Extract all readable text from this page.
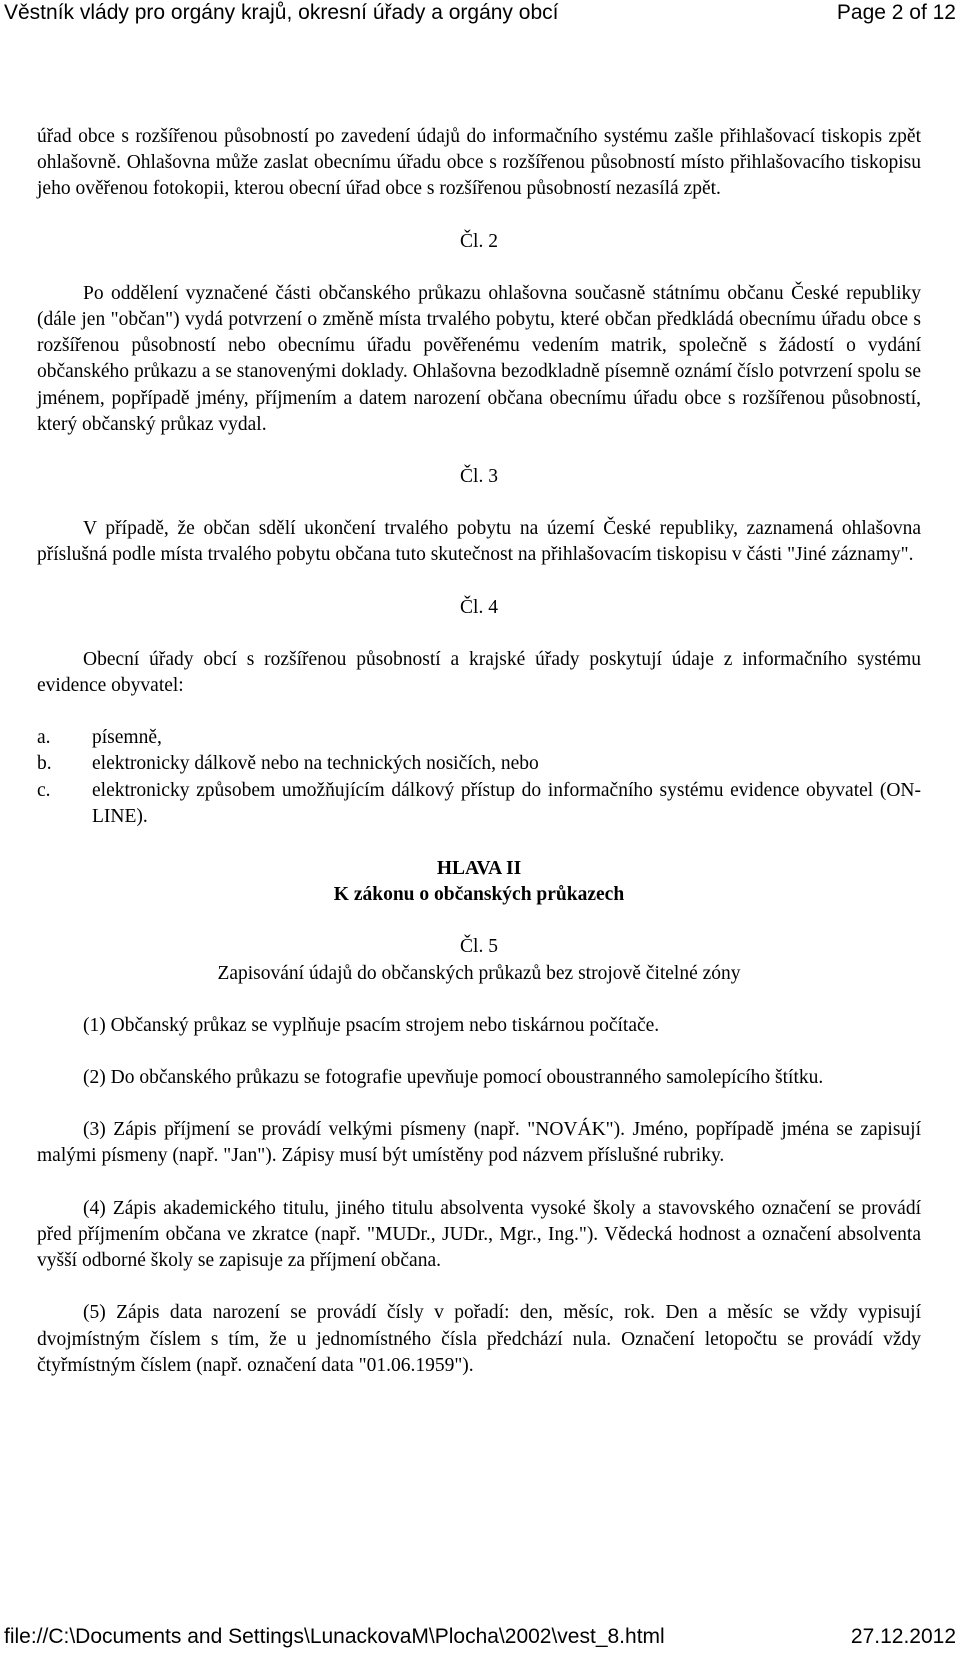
Věstník vlády pro orgány krajů, okresní úřady a orgány obcí	Page 2 of 12

úřad obce s rozšířenou působností po zavedení údajů do informačního systému zašle přihlašovací tiskopis zpět ohlašovně. Ohlašovna může zaslat obecnímu úřadu obce s rozšířenou působností místo přihlašovacího tiskopisu jeho ověřenou fotokopii, kterou obecní úřad obce s rozšířenou působností nezasílá zpět.

Čl. 2

Po oddělení vyznačené části občanského průkazu ohlašovna současně státnímu občanu České republiky (dále jen "občan") vydá potvrzení o změně místa trvalého pobytu, které občan předkládá obecnímu úřadu obce s rozšířenou působností nebo obecnímu úřadu pověřenému vedením matrik, společně s žádostí o vydání občanského průkazu a se stanovenými doklady. Ohlašovna bezodkladně písemně oznámí číslo potvrzení spolu se jménem, popřípadě jmény, příjmením a datem narození občana obecnímu úřadu obce s rozšířenou působností, který občanský průkaz vydal.

Čl. 3

V případě, že občan sdělí ukončení trvalého pobytu na území České republiky, zaznamená ohlašovna příslušná podle místa trvalého pobytu občana tuto skutečnost na přihlašovacím tiskopisu v části "Jiné záznamy".

Čl. 4

Obecní úřady obcí s rozšířenou působností a krajské úřady poskytují údaje z informačního systému evidence obyvatel:

a. písemně,
b. elektronicky dálkově nebo na technických nosičích, nebo
c. elektronicky způsobem umožňujícím dálkový přístup do informačního systému evidence obyvatel (ON-LINE).

HLAVA II

K zákonu o občanských průkazech

Čl. 5

Zapisování údajů do občanských průkazů bez strojově čitelné zóny

(1) Občanský průkaz se vyplňuje psacím strojem nebo tiskárnou počítače.

(2) Do občanského průkazu se fotografie upevňuje pomocí oboustranného samolepícího štítku.

(3) Zápis příjmení se provádí velkými písmeny (např. "NOVÁK"). Jméno, popřípadě jména se zapisují malými písmeny (např. "Jan"). Zápisy musí být umístěny pod názvem příslušné rubriky.

(4) Zápis akademického titulu, jiného titulu absolventa vysoké školy a stavovského označení se provádí před příjmením občana ve zkratce (např. "MUDr., JUDr., Mgr., Ing."). Vědecká hodnost a označení absolventa vyšší odborné školy se zapisuje za příjmení občana.

(5) Zápis data narození se provádí čísly v pořadí: den, měsíc, rok. Den a měsíc se vždy vypisují dvojmístným číslem s tím, že u jednomístného čísla předchází nula. Označení letopočtu se provádí vždy čtyřmístným číslem (např. označení data "01.06.1959").

file://C:\Documents and Settings\LunackovaM\Plocha\2002\vest_8.html	27.12.2012
